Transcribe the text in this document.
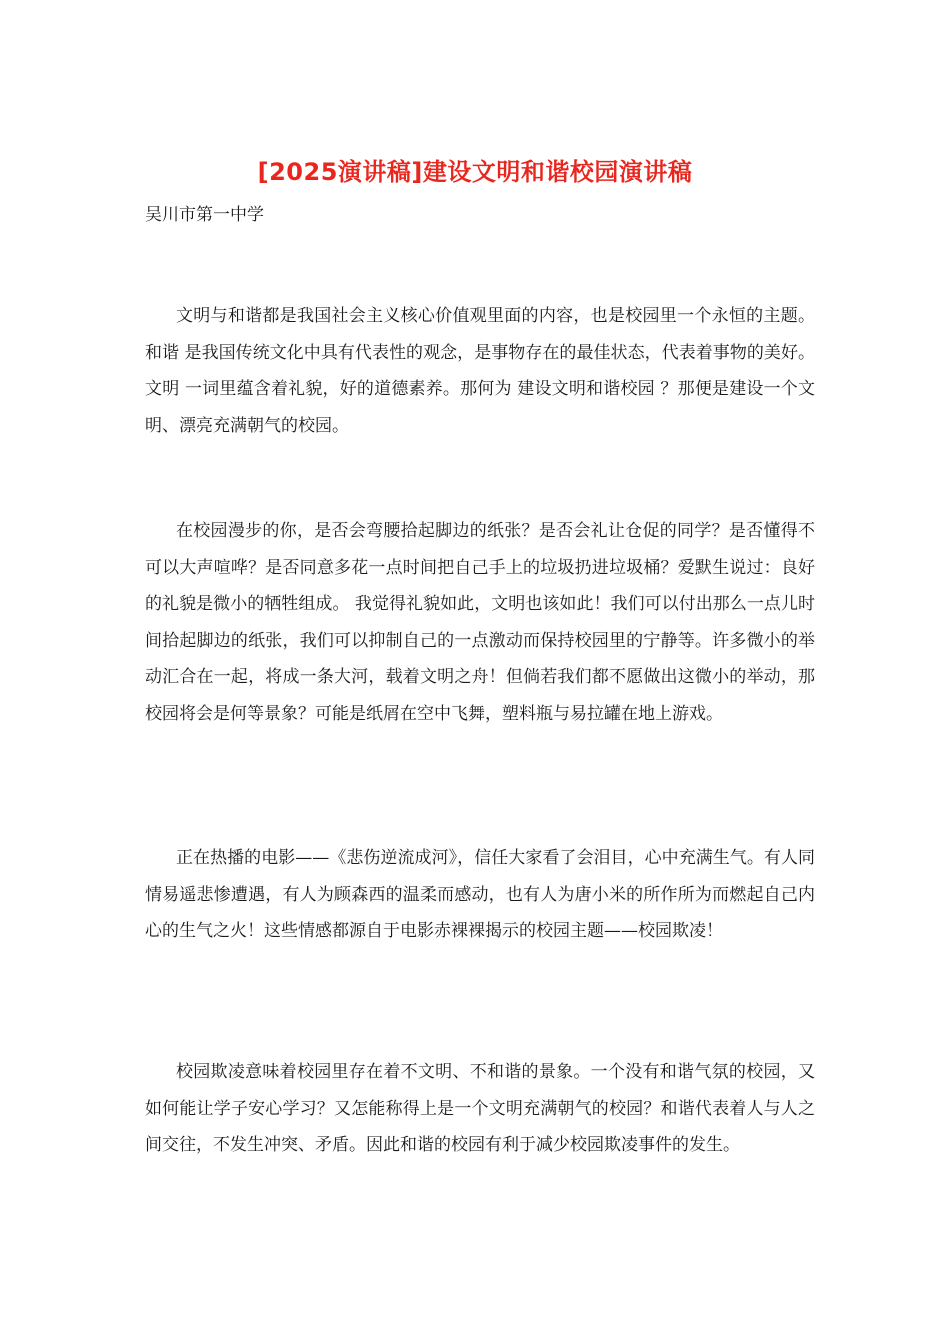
[2025演讲稿]建设文明和谐校园演讲稿
吴川市第一中学

文明与和谐都是我国社会主义核心价值观里面的内容，也是校园里一个永恒的主题。 和谐 是我国传统文化中具有代表性的观念，是事物存在的最佳状态，代表着事物的美好。 文明 一词里蕴含着礼貌，好的道德素养。那何为 建设文明和谐校园 ？那便是建设一个文明、漂亮充满朝气的校园。

在校园漫步的你，是否会弯腰拾起脚边的纸张？是否会礼让仓促的同学？是否懂得不可以大声喧哗？是否同意多花一点时间把自己手上的垃圾扔进垃圾桶？爱默生说过：良好的礼貌是微小的牺牲组成。 我觉得礼貌如此，文明也该如此！我们可以付出那么一点儿时间拾起脚边的纸张，我们可以抑制自己的一点激动而保持校园里的宁静等。许多微小的举动汇合在一起，将成一条大河，载着文明之舟！但倘若我们都不愿做出这微小的举动，那校园将会是何等景象？可能是纸屑在空中飞舞，塑料瓶与易拉罐在地上游戏。

正在热播的电影——《悲伤逆流成河》，信任大家看了会泪目，心中充满生气。有人同情易遥悲惨遭遇，有人为顾森西的温柔而感动，也有人为唐小米的所作所为而燃起自己内心的生气之火！这些情感都源自于电影赤裸裸揭示的校园主题——校园欺凌！

校园欺凌意味着校园里存在着不文明、不和谐的景象。一个没有和谐气氛的校园，又如何能让学子安心学习？又怎能称得上是一个文明充满朝气的校园？和谐代表着人与人之间交往，不发生冲突、矛盾。因此和谐的校园有利于减少校园欺凌事件的发生。
